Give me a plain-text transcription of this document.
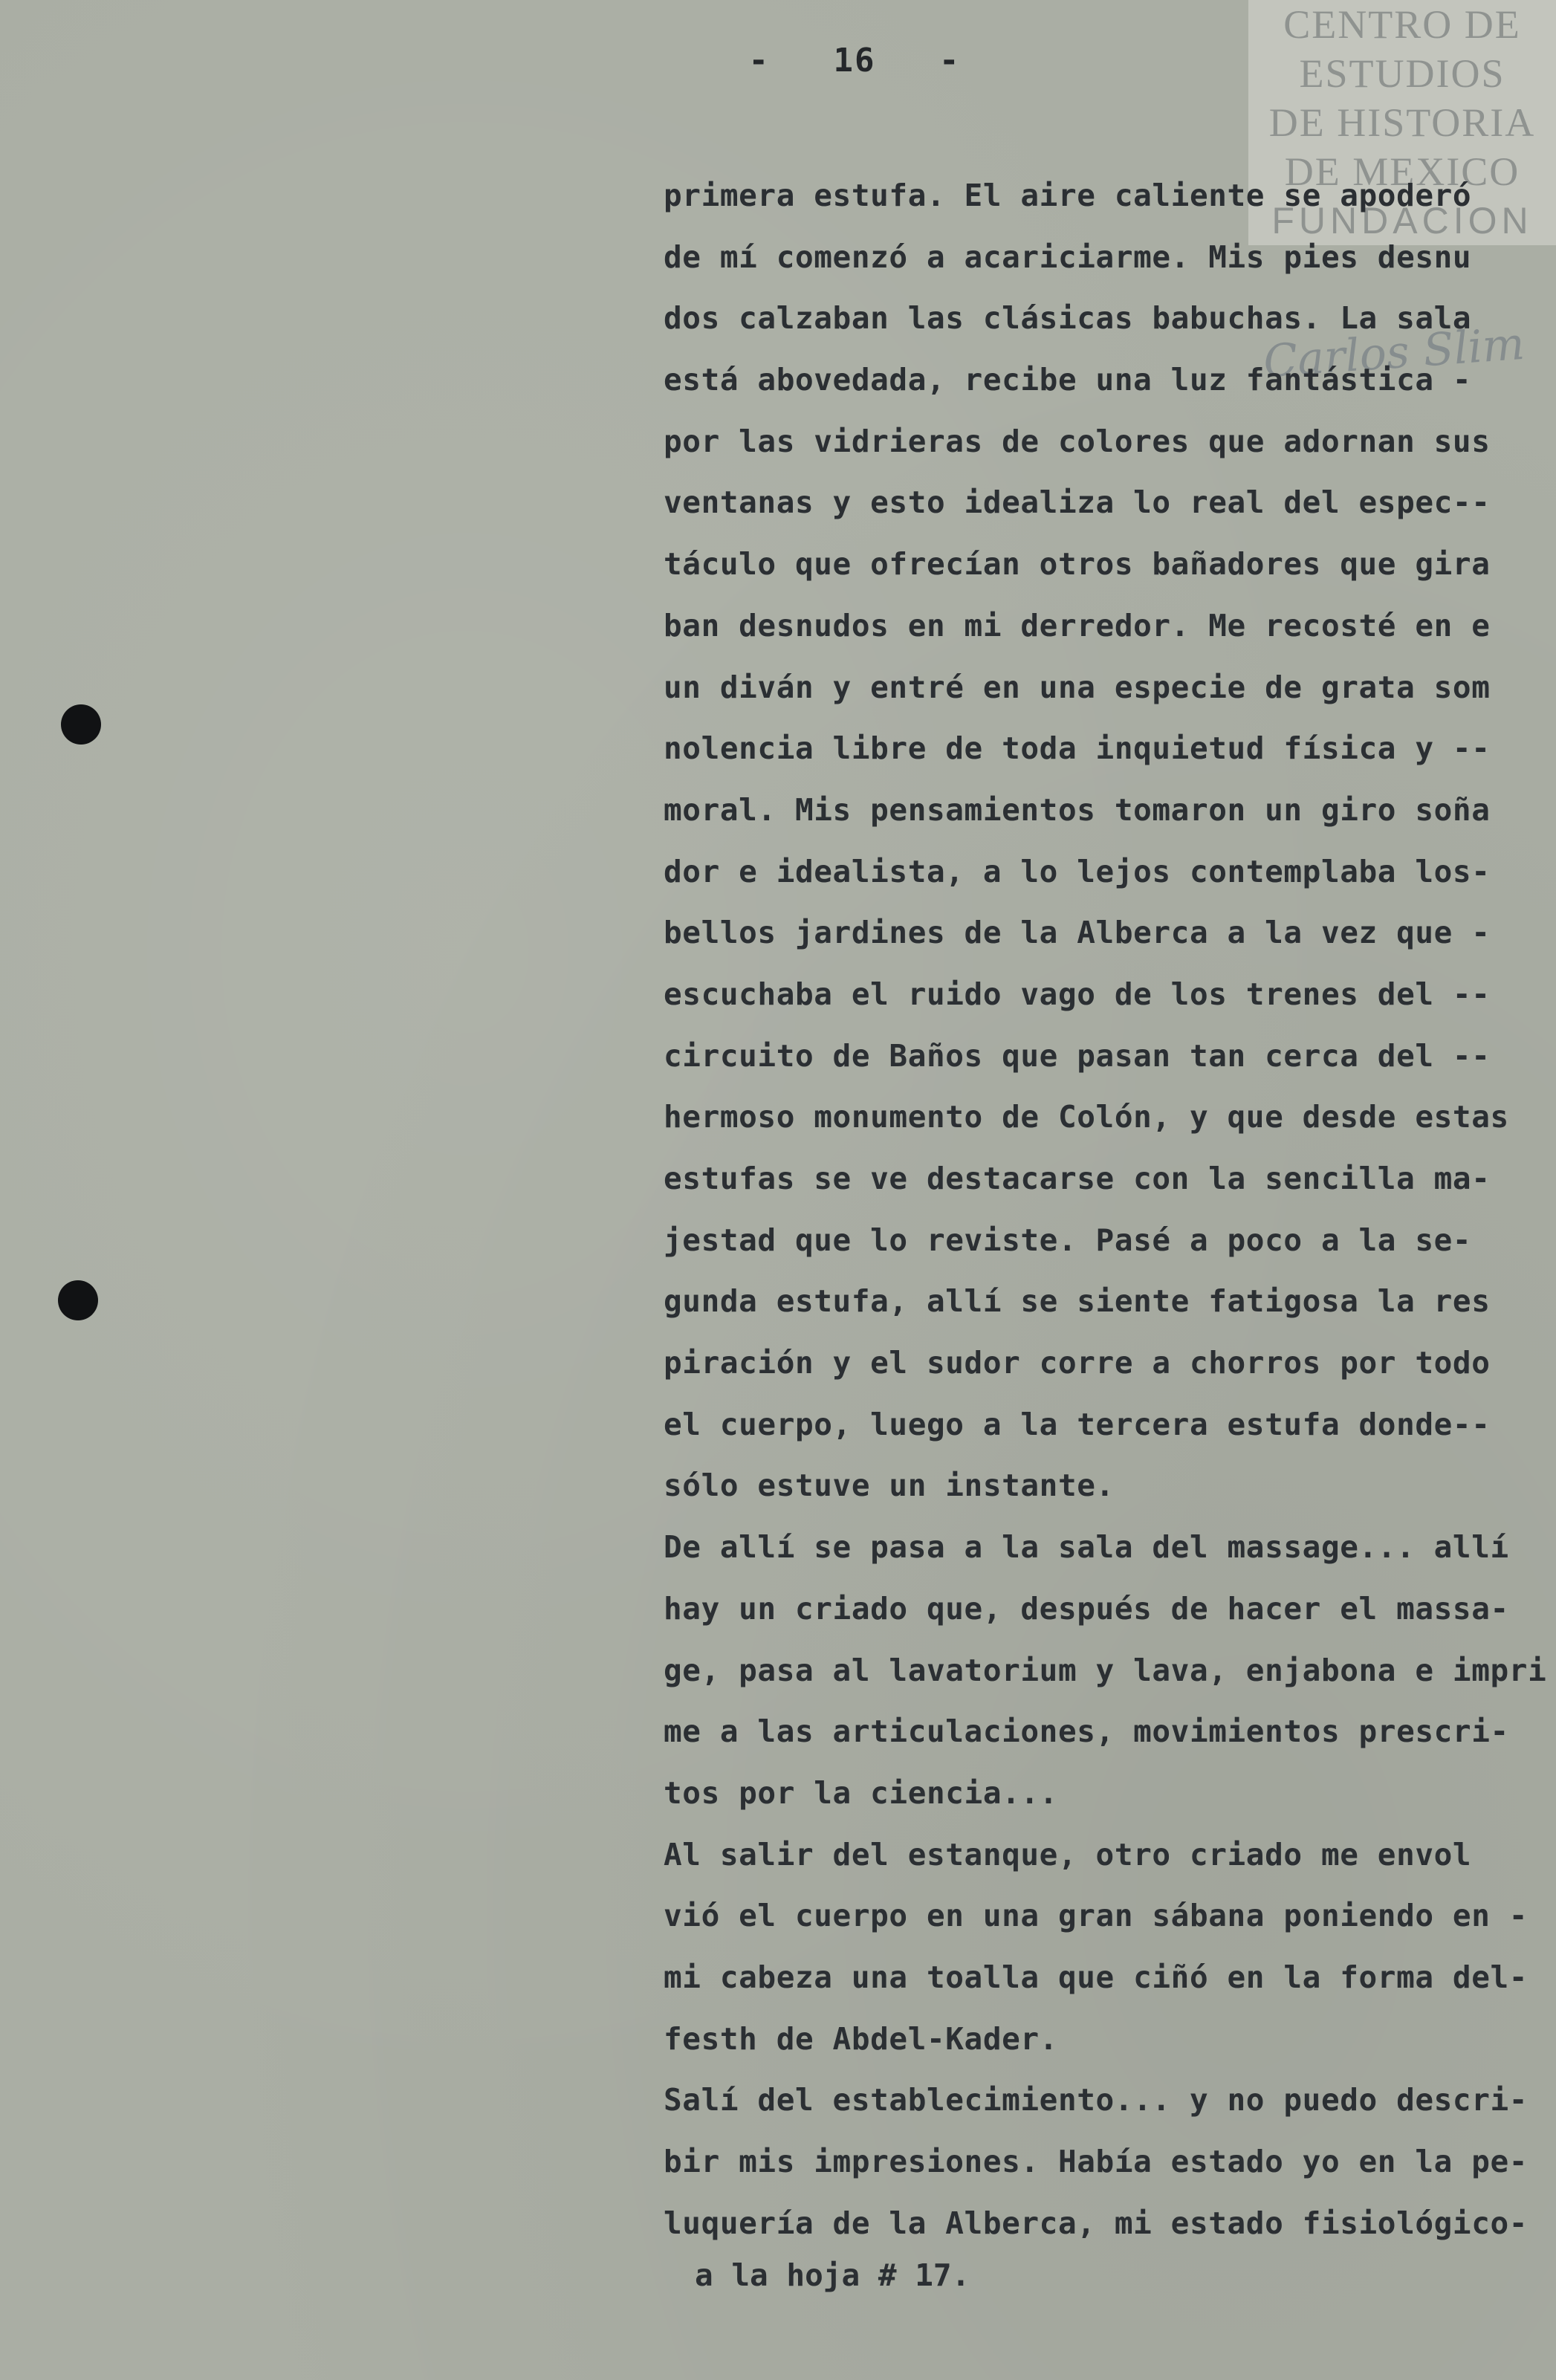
CENTRO DE
ESTUDIOS
DE HISTORIA
DE MEXICO
FUNDACION
Carlos Slim
-   16   -
primera estufa. El aire caliente se apoderó
de mí comenzó a acariciarme. Mis pies desnu
dos calzaban las clásicas babuchas. La sala
está abovedada, recibe una luz fantástica -
por las vidrieras de colores que adornan sus
ventanas y esto idealiza lo real del espec--
táculo que ofrecían otros bañadores que gira
ban desnudos en mi derredor. Me recosté en e
un diván y entré en una especie de grata som
nolencia libre de toda inquietud física y --
moral. Mis pensamientos tomaron un giro soña
dor e idealista, a lo lejos contemplaba los-
bellos jardines de la Alberca a la vez que -
escuchaba el ruido vago de los trenes del --
circuito de Baños que pasan tan cerca del --
hermoso monumento de Colón, y que desde estas
estufas se ve destacarse con la sencilla ma-
jestad que lo reviste. Pasé a poco a la se-
gunda estufa, allí se siente fatigosa la res
piración y el sudor corre a chorros por todo
el cuerpo, luego a la tercera estufa donde--
sólo estuve un instante.
De allí se pasa a la sala del massage... allí
hay un criado que, después de hacer el massa-
ge, pasa al lavatorium y lava, enjabona e impri
me a las articulaciones, movimientos prescri-
tos por la ciencia...
Al salir del estanque, otro criado me envol
vió el cuerpo en una gran sábana poniendo en -
mi cabeza una toalla que ciñó en la forma del-
festh de Abdel-Kader.
Salí del establecimiento... y no puedo descri-
bir mis impresiones. Había estado yo en la pe-
luquería de la Alberca, mi estado fisiológico-
a la hoja # 17.
